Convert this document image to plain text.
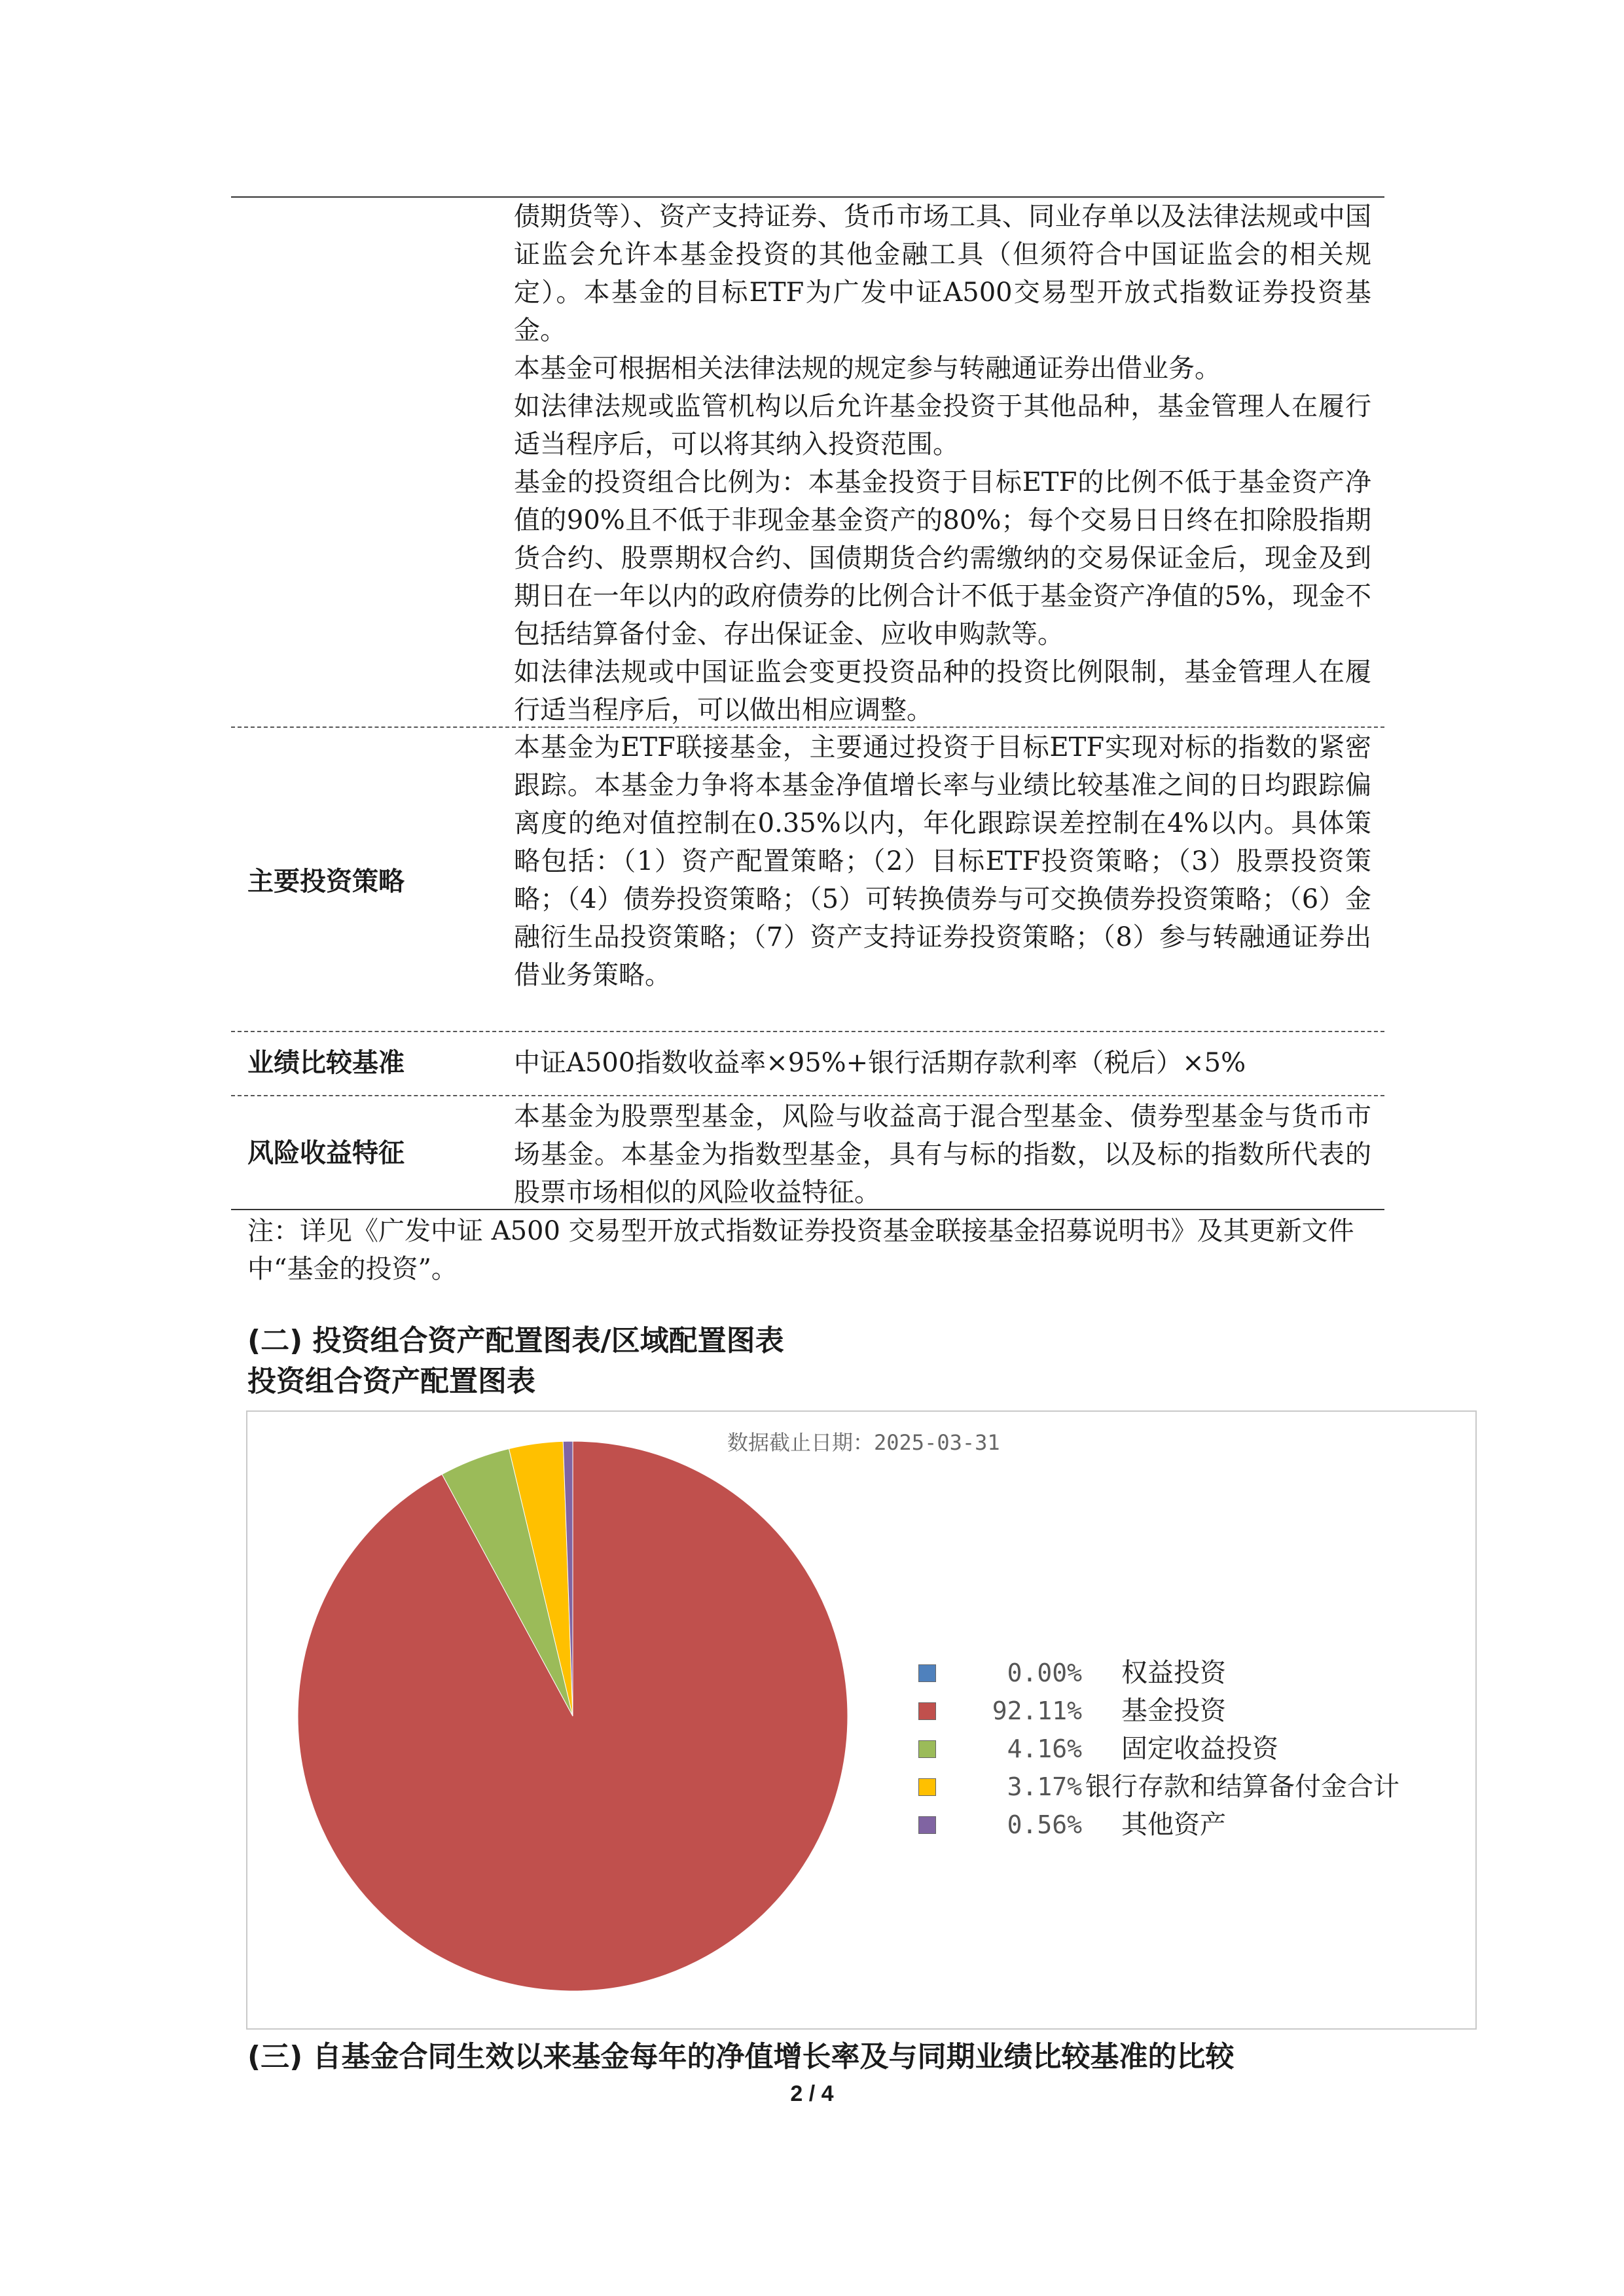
债期货等）、资产支持证券、货币市场工具、同业存单以及法律法规或中国证监会允许本基金投资的其他金融工具（但须符合中国证监会的相关规定）。本基金的目标ETF为广发中证A500交易型开放式指数证券投资基金。

本基金可根据相关法律法规的规定参与转融通证券出借业务。

如法律法规或监管机构以后允许基金投资于其他品种，基金管理人在履行适当程序后，可以将其纳入投资范围。

基金的投资组合比例为：本基金投资于目标ETF的比例不低于基金资产净值的90%且不低于非现金基金资产的80%；每个交易日日终在扣除股指期货合约、股票期权合约、国债期货合约需缴纳的交易保证金后，现金及到期日在一年以内的政府债券的比例合计不低于基金资产净值的5%，现金不包括结算备付金、存出保证金、应收申购款等。

如法律法规或中国证监会变更投资品种的投资比例限制，基金管理人在履行适当程序后，可以做出相应调整。

主要投资策略

本基金为ETF联接基金，主要通过投资于目标ETF实现对标的指数的紧密跟踪。本基金力争将本基金净值增长率与业绩比较基准之间的日均跟踪偏离度的绝对值控制在0.35%以内，年化跟踪误差控制在4%以内。具体策略包括：（1）资产配置策略；（2）目标ETF投资策略；（3）股票投资策略；（4）债券投资策略；（5）可转换债券与可交换债券投资策略；（6）金融衍生品投资策略；（7）资产支持证券投资策略；（8）参与转融通证券出借业务策略。

业绩比较基准	中证A500指数收益率×95%+银行活期存款利率（税后）×5%

风险收益特征

本基金为股票型基金，风险与收益高于混合型基金、债券型基金与货币市场基金。本基金为指数型基金，具有与标的指数，以及标的指数所代表的股票市场相似的风险收益特征。

注：详见《广发中证 A500 交易型开放式指数证券投资基金联接基金招募说明书》及其更新文件中“基金的投资”。
(二) 投资组合资产配置图表/区域配置图表
投资组合资产配置图表
数据截止日期：2025-03-31
0.00% 权益投资
92.11% 基金投资
4.16% 固定收益投资
3.17% 银行存款和结算备付金合计
0.56% 其他资产
(三) 自基金合同生效以来基金每年的净值增长率及与同期业绩比较基准的比较
2 / 4
